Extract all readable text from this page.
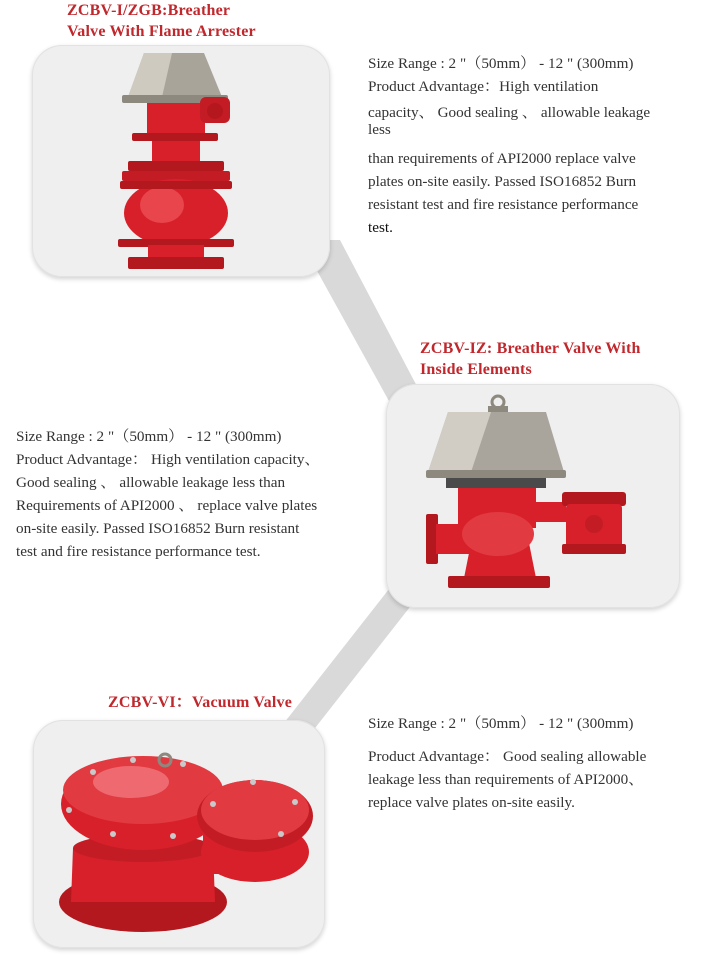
ZCBV-I/ZGB:Breather
Valve With Flame Arrester
Size Range : 2 "（50mm） - 12 " (300mm)
Product Advantage：High ventilation
capacity、 Good sealing 、 allowable leakage
less
than requirements of API2000 replace valve
plates on-site easily. Passed ISO16852 Burn
resistant test and fire resistance performance
test.
ZCBV-IZ: Breather Valve With
Inside Elements
Size Range : 2 "（50mm） - 12 " (300mm)
Product Advantage： High ventilation capacity、
Good sealing 、 allowable leakage less than
Requirements of API2000 、 replace valve plates
on-site easily. Passed ISO16852 Burn resistant
test and fire resistance performance test.
ZCBV-VI：Vacuum Valve
Size Range : 2 "（50mm） - 12 " (300mm)
Product Advantage： Good sealing allowable
leakage less than requirements of API2000、
replace valve plates on-site easily.
